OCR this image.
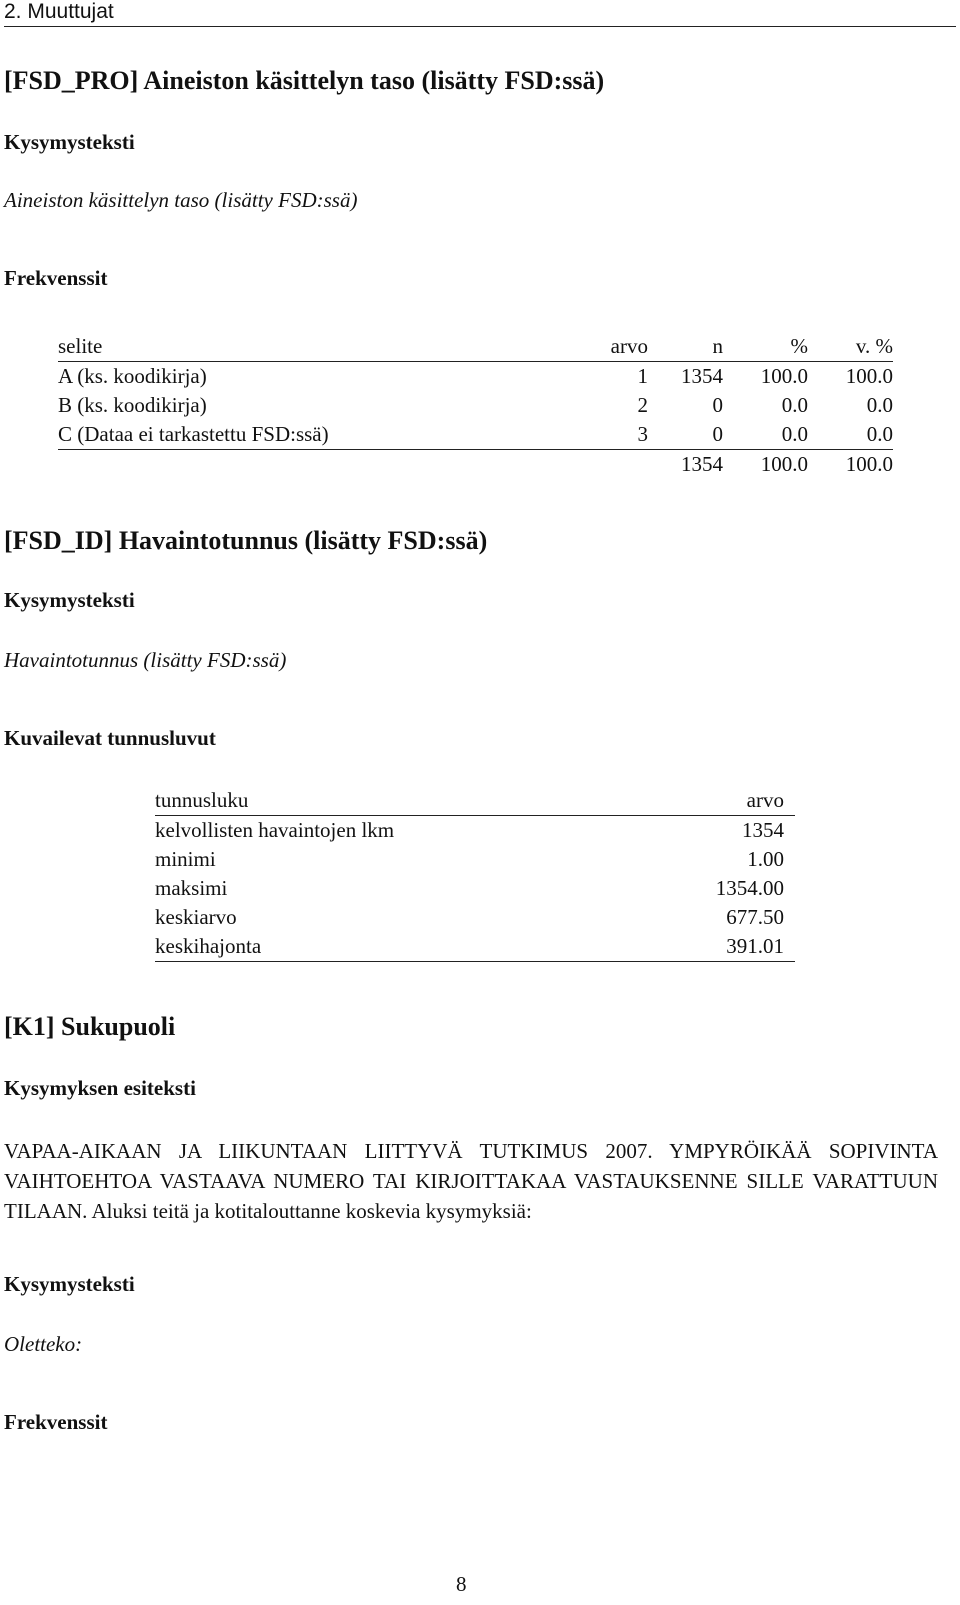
2. Muuttujat
[FSD_PRO] Aineiston käsittelyn taso (lisätty FSD:ssä)
Kysymysteksti
Aineiston käsittelyn taso (lisätty FSD:ssä)
Frekvenssit
selite	arvo	n	%	v. %
A (ks. koodikirja)	1	1354	100.0	100.0
B (ks. koodikirja)	2	0	0.0	0.0
C (Dataa ei tarkastettu FSD:ssä)	3	0	0.0	0.0
		1354	100.0	100.0
[FSD_ID] Havaintotunnus (lisätty FSD:ssä)
Kysymysteksti
Havaintotunnus (lisätty FSD:ssä)
Kuvailevat tunnusluvut
tunnusluku	arvo
kelvollisten havaintojen lkm	1354
minimi	1.00
maksimi	1354.00
keskiarvo	677.50
keskihajonta	391.01
[K1] Sukupuoli
Kysymyksen esiteksti
VAPAA-AIKAAN JA LIIKUNTAAN LIITTYVÄ TUTKIMUS 2007. YMPYRÖIKÄÄ SOPIVINTA VAIHTOEHTOA VASTAAVA NUMERO TAI KIRJOITTAKAA VASTAUKSENNE SILLE VARATTUUN TILAAN. Aluksi teitä ja kotitalouttanne koskevia kysymyksiä:
Kysymysteksti
Oletteko:
Frekvenssit
8
